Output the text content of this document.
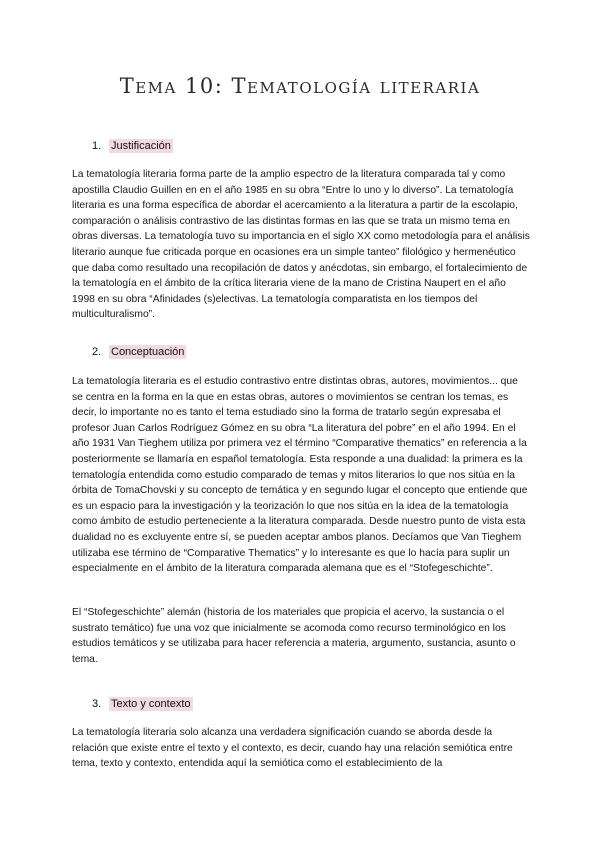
Tema 10: Tematología literaria
1. Justificación

La tematología literaria forma parte de la amplio espectro de la literatura comparada tal y como apostilla Claudio Guillen en en el año 1985 en su obra “Entre lo uno y lo diverso”. La tematología literaria es una forma específica de abordar el acercamiento a la literatura a partir de la escolapio, comparación o análisis contrastivo de las distintas formas en las que se trata un mismo tema en obras diversas. La tematología tuvo su importancia en el siglo XX como metodología para el análisis literario aunque fue criticada porque en ocasiones era un simple tanteo” filológico y hermenéutico que daba como resultado una recopilación de datos y anécdotas, sin embargo, el fortalecimiento de la tematología en el ámbito de la crítica literaria viene de la mano de Cristina Naupert en el año 1998 en su obra “Afinidades (s)electivas. La tematología comparatista en los tiempos del multiculturalismo”.

2. Conceptuación

La tematología literaria es el estudio contrastivo entre distintas obras, autores, movimientos... que se centra en la forma en la que en estas obras, autores o movimientos se centran los temas, es decir, lo importante no es tanto el tema estudiado sino la forma de tratarlo según expresaba el profesor Juan Carlos Rodríguez Gómez en su obra “La literatura del pobre” en el año 1994. En el año 1931 Van Tieghem utiliza por primera vez el término “Comparative thematics” en referencia a la posteriormente se llamaría en español tematología. Esta responde a una dualidad: la primera es la tematología entendida como estudio comparado de temas y mitos literarios lo que nos sitúa en la órbita de TomaChovski y su concepto de temática y en segundo lugar el concepto que entiende que es un espacio para la investigación y la teorización lo que nos sitúa en la idea de la tematología como ámbito de estudio perteneciente a la literatura comparada. Desde nuestro punto de vista esta dualidad no es excluyente entre sí, se pueden aceptar ambos planos. Decíamos que Van Tieghem utilizaba ese término de “Comparative Thematics” y lo interesante es que lo hacía para suplir un especialmente en el ámbito de la literatura comparada alemana que es el “Stofegeschichte”.

El “Stofegeschichte” alemán (historia de los materiales que propicia el acervo, la sustancia o el sustrato temático) fue una voz que inicialmente se acomoda como recurso terminológico en los estudios temáticos y se utilizaba para hacer referencia a materia, argumento, sustancia, asunto o tema.

3. Texto y contexto

La tematología literaria solo alcanza una verdadera significación cuando se aborda desde la relación que existe entre el texto y el contexto, es decir, cuando hay una relación semiótica entre tema, texto y contexto, entendida aquí la semiótica como el establecimiento de la
